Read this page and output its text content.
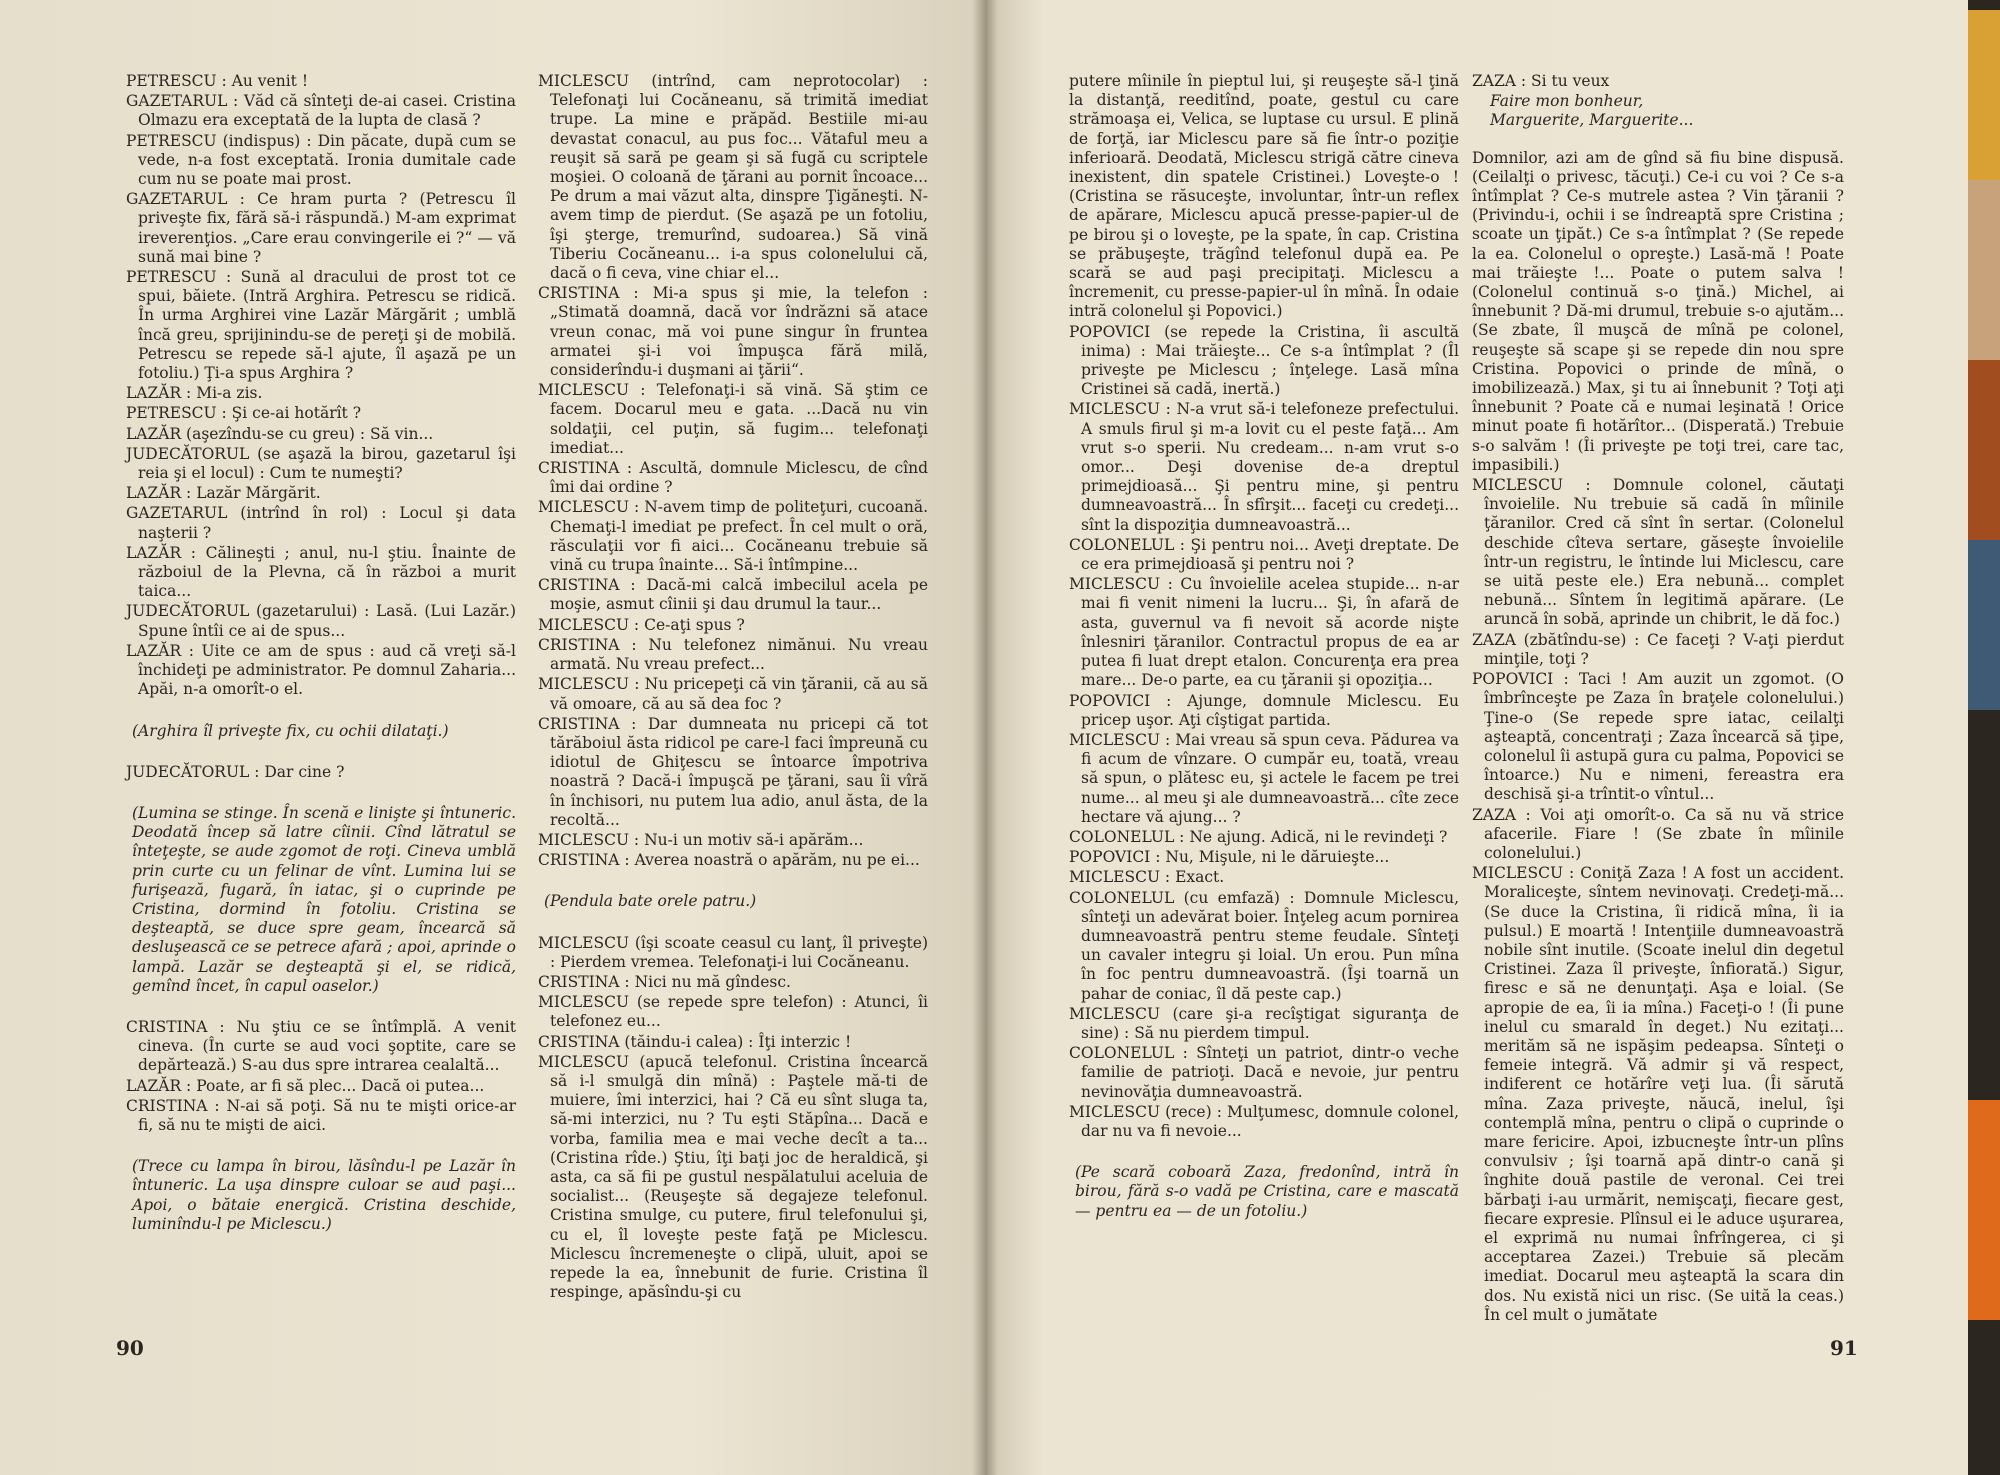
PETRESCU : Au venit !

GAZETARUL : Văd că sînteţi de-ai casei. Cristina Olmazu era exceptată de la lupta de clasă ?

PETRESCU (indispus) : Din păcate, după cum se vede, n-a fost exceptată. Ironia dumitale cade cum nu se poate mai prost.

GAZETARUL : Ce hram purta ? (Petrescu îl priveşte fix, fără să-i răspundă.) M-am exprimat ireverenţios. „Care erau convingerile ei ?“ — vă sună mai bine ?

PETRESCU : Sună al dracului de prost tot ce spui, băiete. (Intră Arghira. Petrescu se ridică. În urma Arghirei vine Lazăr Mărgărit ; umblă încă greu, sprijinindu-se de pereţi şi de mobilă. Petrescu se repede să-l ajute, îl aşază pe un fotoliu.) Ţi-a spus Arghira ?

LAZĂR : Mi-a zis.

PETRESCU : Şi ce-ai hotărît ?

LAZĂR (aşezîndu-se cu greu) : Să vin...

JUDECĂTORUL (se aşază la birou, gazetarul îşi reia şi el locul) : Cum te numeşti?

LAZĂR : Lazăr Mărgărit.

GAZETARUL (intrînd în rol) : Locul şi data naşterii ?

LAZĂR : Călineşti ; anul, nu-l ştiu. Înainte de războiul de la Plevna, că în război a murit taica...

JUDECĂTORUL (gazetarului) : Lasă. (Lui Lazăr.) Spune întîi ce ai de spus...

LAZĂR : Uite ce am de spus : aud că vreţi să-l închideţi pe administrator. Pe domnul Zaharia... Apăi, n-a omorît-o el.

(Arghira îl priveşte fix, cu ochii dilataţi.)

JUDECĂTORUL : Dar cine ?

(Lumina se stinge. În scenă e linişte şi întuneric. Deodată încep să latre cîinii. Cînd lătratul se înteţeşte, se aude zgomot de roţi. Cineva umblă prin curte cu un felinar de vînt. Lumina lui se furişează, fugară, în iatac, şi o cuprinde pe Cristina, dormind în fotoliu. Cristina se deşteaptă, se duce spre geam, încearcă să desluşească ce se petrece afară ; apoi, aprinde o lampă. Lazăr se deşteaptă şi el, se ridică, gemînd încet, în capul oaselor.)

CRISTINA : Nu ştiu ce se întîmplă. A venit cineva. (În curte se aud voci şoptite, care se depărtează.) S-au dus spre intrarea cealaltă...

LAZĂR : Poate, ar fi să plec... Dacă oi putea...

CRISTINA : N-ai să poţi. Să nu te mişti orice-ar fi, să nu te mişti de aici.

(Trece cu lampa în birou, lăsîndu-l pe Lazăr în întuneric. La uşa dinspre culoar se aud paşi... Apoi, o bătaie energică. Cristina deschide, luminîndu-l pe Miclescu.)

MICLESCU (intrînd, cam neprotocolar) : Telefonaţi lui Cocăneanu, să trimită imediat trupe. La mine e prăpăd. Bestiile mi-au devastat conacul, au pus foc... Vătaful meu a reuşit să sară pe geam şi să fugă cu scriptele moşiei. O coloană de ţărani au pornit încoace... Pe drum a mai văzut alta, dinspre Ţigăneşti. N-avem timp de pierdut. (Se aşază pe un fotoliu, îşi şterge, tremurînd, sudoarea.) Să vină Tiberiu Cocăneanu... i-a spus colonelului că, dacă o fi ceva, vine chiar el...

CRISTINA : Mi-a spus şi mie, la telefon : „Stimată doamnă, dacă vor îndrăzni să atace vreun conac, mă voi pune singur în fruntea armatei şi-i voi împuşca fără milă, considerîndu-i duşmani ai ţării“.

MICLESCU : Telefonaţi-i să vină. Să ştim ce facem. Docarul meu e gata. ...Dacă nu vin soldaţii, cel puţin, să fugim... telefonaţi imediat...

CRISTINA : Ascultă, domnule Miclescu, de cînd îmi dai ordine ?

MICLESCU : N-avem timp de politeţuri, cucoană. Chemaţi-l imediat pe prefect. În cel mult o oră, răsculaţii vor fi aici... Cocăneanu trebuie să vină cu trupa înainte... Să-i întîmpine...

CRISTINA : Dacă-mi calcă imbecilul acela pe moşie, asmut cîinii şi dau drumul la taur...

MICLESCU : Ce-aţi spus ?

CRISTINA : Nu telefonez nimănui. Nu vreau armată. Nu vreau prefect...

MICLESCU : Nu pricepeţi că vin ţăranii, că au să vă omoare, că au să dea foc ?

CRISTINA : Dar dumneata nu pricepi că tot tărăboiul ăsta ridicol pe care-l faci împreună cu idiotul de Ghiţescu se întoarce împotriva noastră ? Dacă-i împuşcă pe ţărani, sau îi vîră în închisori, nu putem lua adio, anul ăsta, de la recoltă...

MICLESCU : Nu-i un motiv să-i apărăm...

CRISTINA : Averea noastră o apărăm, nu pe ei...

(Pendula bate orele patru.)

MICLESCU (îşi scoate ceasul cu lanţ, îl priveşte) : Pierdem vremea. Telefonaţi-i lui Cocăneanu.

CRISTINA : Nici nu mă gîndesc.

MICLESCU (se repede spre telefon) : Atunci, îi telefonez eu...

CRISTINA (tăindu-i calea) : Îţi interzic !

MICLESCU (apucă telefonul. Cristina încearcă să i-l smulgă din mînă) : Paştele mă-ti de muiere, îmi interzici, hai ? Că eu sînt sluga ta, să-mi interzici, nu ? Tu eşti Stăpîna... Dacă e vorba, familia mea e mai veche decît a ta... (Cristina rîde.) Ştiu, îţi baţi joc de heraldică, şi asta, ca să fii pe gustul nespălatului aceluia de socialist... (Reuşeşte să degajeze telefonul. Cristina smulge, cu putere, firul telefonului şi, cu el, îl loveşte peste faţă pe Miclescu. Miclescu încremeneşte o clipă, uluit, apoi se repede la ea, înnebunit de furie. Cristina îl respinge, apăsîndu-şi cu

90

putere mîinile în pieptul lui, şi reuşeşte să-l ţină la distanţă, reeditînd, poate, gestul cu care strămoaşa ei, Velica, se luptase cu ursul. E plină de forţă, iar Miclescu pare să fie într-o poziţie inferioară. Deodată, Miclescu strigă către cineva inexistent, din spatele Cristinei.) Loveşte-o ! (Cristina se răsuceşte, involuntar, într-un reflex de apărare, Miclescu apucă presse-papier-ul de pe birou şi o loveşte, pe la spate, în cap. Cristina se prăbuşeşte, trăgînd telefonul după ea. Pe scară se aud paşi precipitaţi. Miclescu a încremenit, cu presse-papier-ul în mînă. În odaie intră colonelul şi Popovici.)

POPOVICI (se repede la Cristina, îi ascultă inima) : Mai trăieşte... Ce s-a întîmplat ? (Îl priveşte pe Miclescu ; înţelege. Lasă mîna Cristinei să cadă, inertă.)

MICLESCU : N-a vrut să-i telefoneze prefectului. A smuls firul şi m-a lovit cu el peste faţă... Am vrut s-o sperii. Nu credeam... n-am vrut s-o omor... Deşi dovenise de-a dreptul primejdioasă... Şi pentru mine, şi pentru dumneavoastră... În sfîrşit... faceţi cu credeţi... sînt la dispoziţia dumneavoastră...

COLONELUL : Şi pentru noi... Aveţi dreptate. De ce era primejdioasă şi pentru noi ?

MICLESCU : Cu învoielile acelea stupide... n-ar mai fi venit nimeni la lucru... Şi, în afară de asta, guvernul va fi nevoit să acorde nişte înlesniri ţăranilor. Contractul propus de ea ar putea fi luat drept etalon. Concurenţa era prea mare... De-o parte, ea cu ţăranii şi opoziţia...

POPOVICI : Ajunge, domnule Miclescu. Eu pricep uşor. Aţi cîştigat partida.

MICLESCU : Mai vreau să spun ceva. Pădurea va fi acum de vînzare. O cumpăr eu, toată, vreau să spun, o plătesc eu, şi actele le facem pe trei nume... al meu şi ale dumneavoastră... cîte zece hectare vă ajung... ?

COLONELUL : Ne ajung. Adică, ni le revindeţi ?

POPOVICI : Nu, Mişule, ni le dăruieşte...

MICLESCU : Exact.

COLONELUL (cu emfază) : Domnule Miclescu, sînteţi un adevărat boier. Înţeleg acum pornirea dumneavoastră pentru steme feudale. Sînteţi un cavaler integru şi loial. Un erou. Pun mîna în foc pentru dumneavoastră. (Îşi toarnă un pahar de coniac, îl dă peste cap.)

MICLESCU (care şi-a recîştigat siguranţa de sine) : Să nu pierdem timpul.

COLONELUL : Sînteţi un patriot, dintr-o veche familie de patrioţi. Dacă e nevoie, jur pentru nevinovăţia dumneavoastră.

MICLESCU (rece) : Mulţumesc, domnule colonel, dar nu va fi nevoie...

(Pe scară coboară Zaza, fredonînd, intră în birou, fără s-o vadă pe Cristina, care e mascată — pentru ea — de un fotoliu.)

ZAZA : Si tu veux

Faire mon bonheur,

Marguerite, Marguerite...

Domnilor, azi am de gînd să fiu bine dispusă. (Ceilalţi o privesc, tăcuţi.) Ce-i cu voi ? Ce s-a întîmplat ? Ce-s mutrele astea ? Vin ţăranii ? (Privindu-i, ochii i se îndreaptă spre Cristina ; scoate un ţipăt.) Ce s-a întîmplat ? (Se repede la ea. Colonelul o opreşte.) Lasă-mă ! Poate mai trăieşte !... Poate o putem salva ! (Colonelul continuă s-o ţină.) Michel, ai înnebunit ? Dă-mi drumul, trebuie s-o ajutăm... (Se zbate, îl muşcă de mînă pe colonel, reuşeşte să scape şi se repede din nou spre Cristina. Popovici o prinde de mînă, o imobilizează.) Max, şi tu ai înnebunit ? Toţi aţi înnebunit ? Poate că e numai leşinată ! Orice minut poate fi hotărîtor... (Disperată.) Trebuie s-o salvăm ! (Îi priveşte pe toţi trei, care tac, impasibili.)

MICLESCU : Domnule colonel, căutaţi învoielile. Nu trebuie să cadă în mîinile ţăranilor. Cred că sînt în sertar. (Colonelul deschide cîteva sertare, găseşte învoielile într-un registru, le întinde lui Miclescu, care se uită peste ele.) Era nebună... complet nebună... Sîntem în legitimă apărare. (Le aruncă în sobă, aprinde un chibrit, le dă foc.)

ZAZA (zbătîndu-se) : Ce faceţi ? V-aţi pierdut minţile, toţi ?

POPOVICI : Taci ! Am auzit un zgomot. (O îmbrînceşte pe Zaza în braţele colonelului.) Ţine-o (Se repede spre iatac, ceilalţi aşteaptă, concentraţi ; Zaza încearcă să ţipe, colonelul îi astupă gura cu palma, Popovici se întoarce.) Nu e nimeni, fereastra era deschisă şi-a trîntit-o vîntul...

ZAZA : Voi aţi omorît-o. Ca să nu vă strice afacerile. Fiare ! (Se zbate în mîinile colonelului.)

MICLESCU : Coniţă Zaza ! A fost un accident. Moraliceşte, sîntem nevinovaţi. Credeţi-mă... (Se duce la Cristina, îi ridică mîna, îi ia pulsul.) E moartă ! Intenţiile dumneavoastră nobile sînt inutile. (Scoate inelul din degetul Cristinei. Zaza îl priveşte, înfiorată.) Sigur, firesc e să ne denunţaţi. Aşa e loial. (Se apropie de ea, îi ia mîna.) Faceţi-o ! (Îi pune inelul cu smarald în deget.) Nu ezitaţi... merităm să ne ispăşim pedeapsa. Sînteţi o femeie integră. Vă admir şi vă respect, indiferent ce hotărîre veţi lua. (Îi sărută mîna. Zaza priveşte, năucă, inelul, îşi contemplă mîna, pentru o clipă o cuprinde o mare fericire. Apoi, izbucneşte într-un plîns convulsiv ; îşi toarnă apă dintr-o cană şi înghite două pastile de veronal. Cei trei bărbaţi i-au urmărit, nemişcaţi, fiecare gest, fiecare expresie. Plînsul ei le aduce uşurarea, el exprimă nu numai înfrîngerea, ci şi acceptarea Zazei.) Trebuie să plecăm imediat. Docarul meu aşteaptă la scara din dos. Nu există nici un risc. (Se uită la ceas.) În cel mult o jumătate

91
